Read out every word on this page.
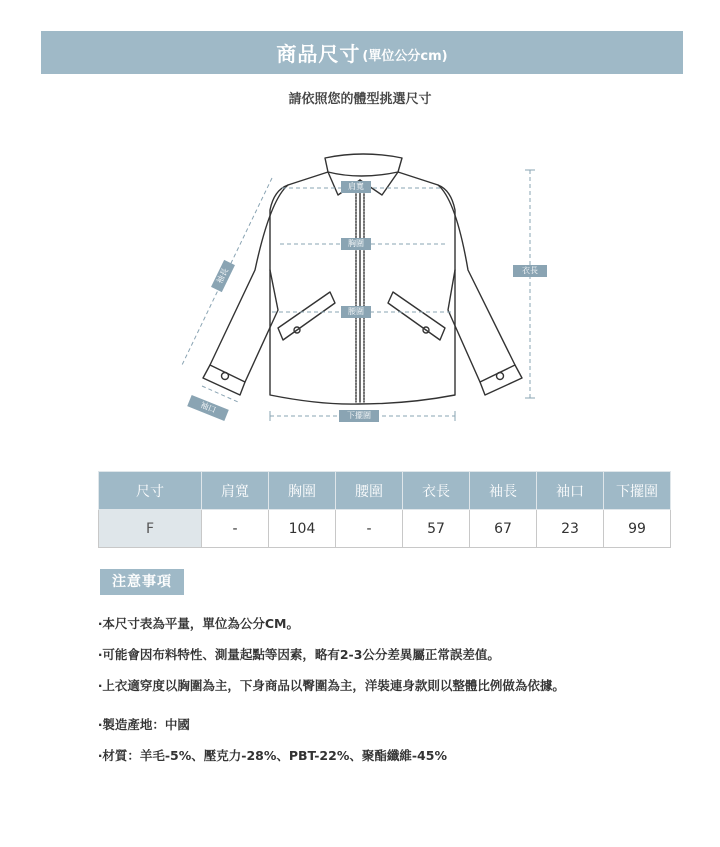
商品尺寸 (單位公分cm)
請依照您的體型挑選尺寸
肩寬
胸圍
腰圍
衣長
袖長
袖口
下擺圍
尺寸	肩寬	胸圍	腰圍	衣長	袖長	袖口	下擺圍
F	-	104	-	57	67	23	99
注意事項
‧本尺寸表為平量，單位為公分CM。
‧可能會因布料特性、測量起點等因素，略有2-3公分差異屬正常誤差值。
‧上衣適穿度以胸圍為主，下身商品以臀圍為主，洋裝連身款則以整體比例做為依據。
‧製造產地：中國
‧材質：羊毛-5%、壓克力-28%、PBT-22%、聚酯纖維-45%
